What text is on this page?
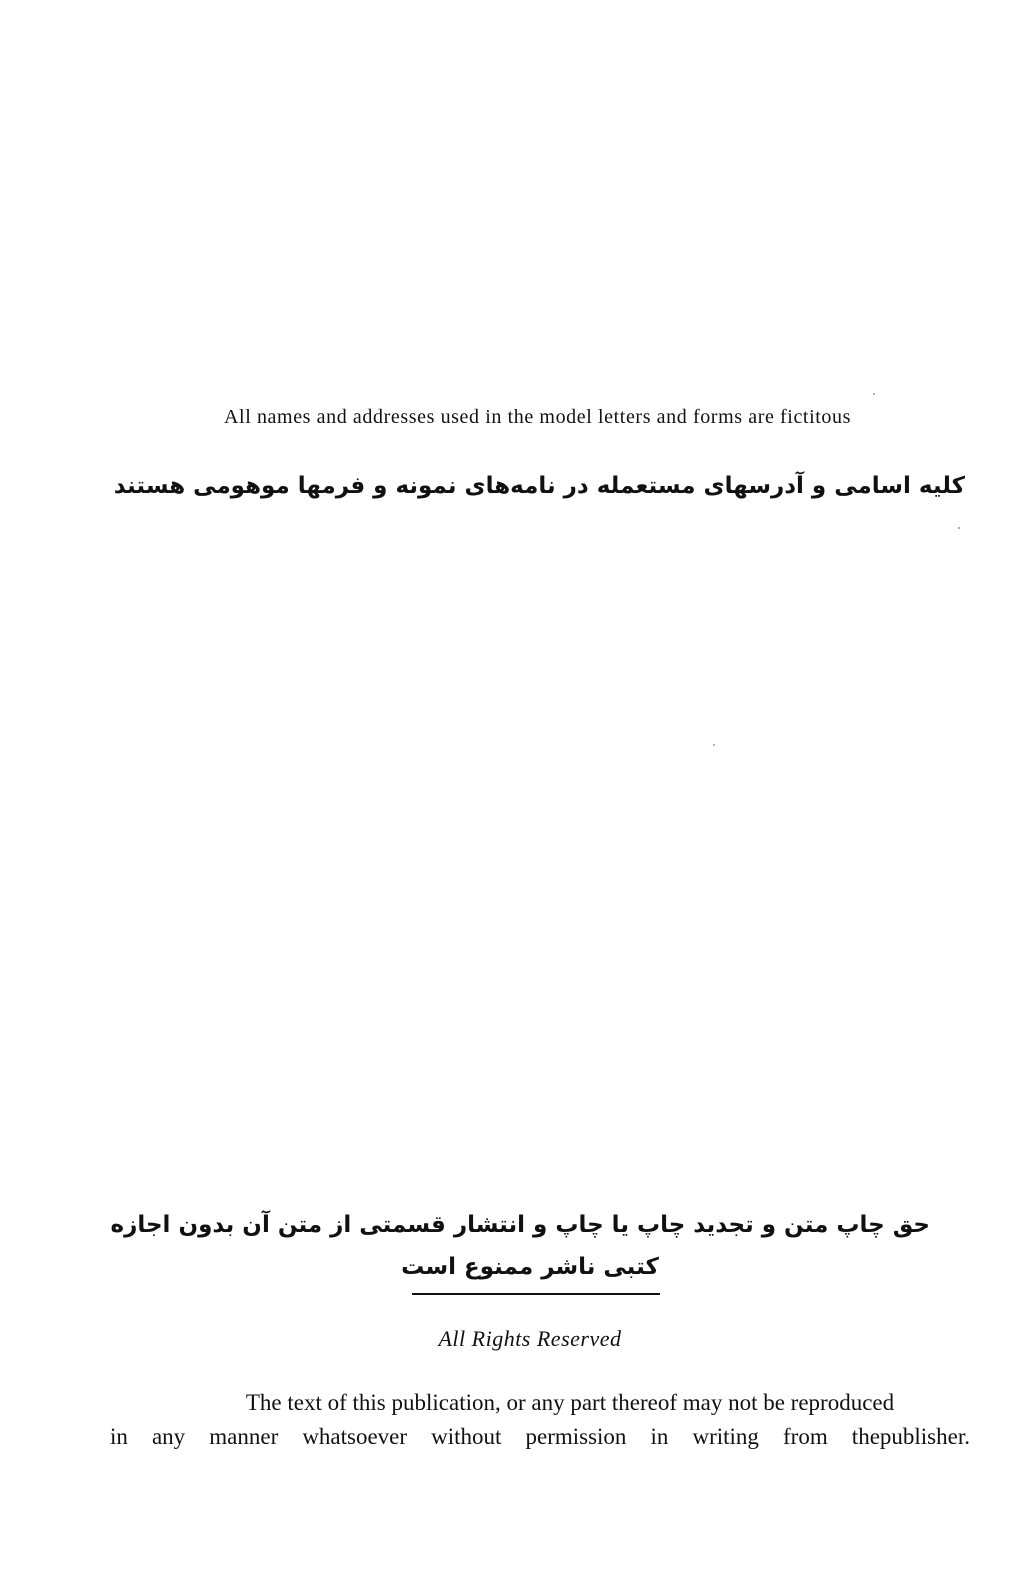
All names and addresses used in the model letters and forms are fictitous
کلیه اسامی و آدرسهای مستعمله در نامه‌های نمونه و فرمها موهومی هستند
حق چاپ متن و تجدید چاپ یا چاپ و انتشار قسمتی از متن آن بدون اجازه
کتبی ناشر ممنوع است
All Rights Reserved
The text of this publication, or any part thereof may not be reproduced
in any manner whatsoever without permission in writing from thepublisher.
